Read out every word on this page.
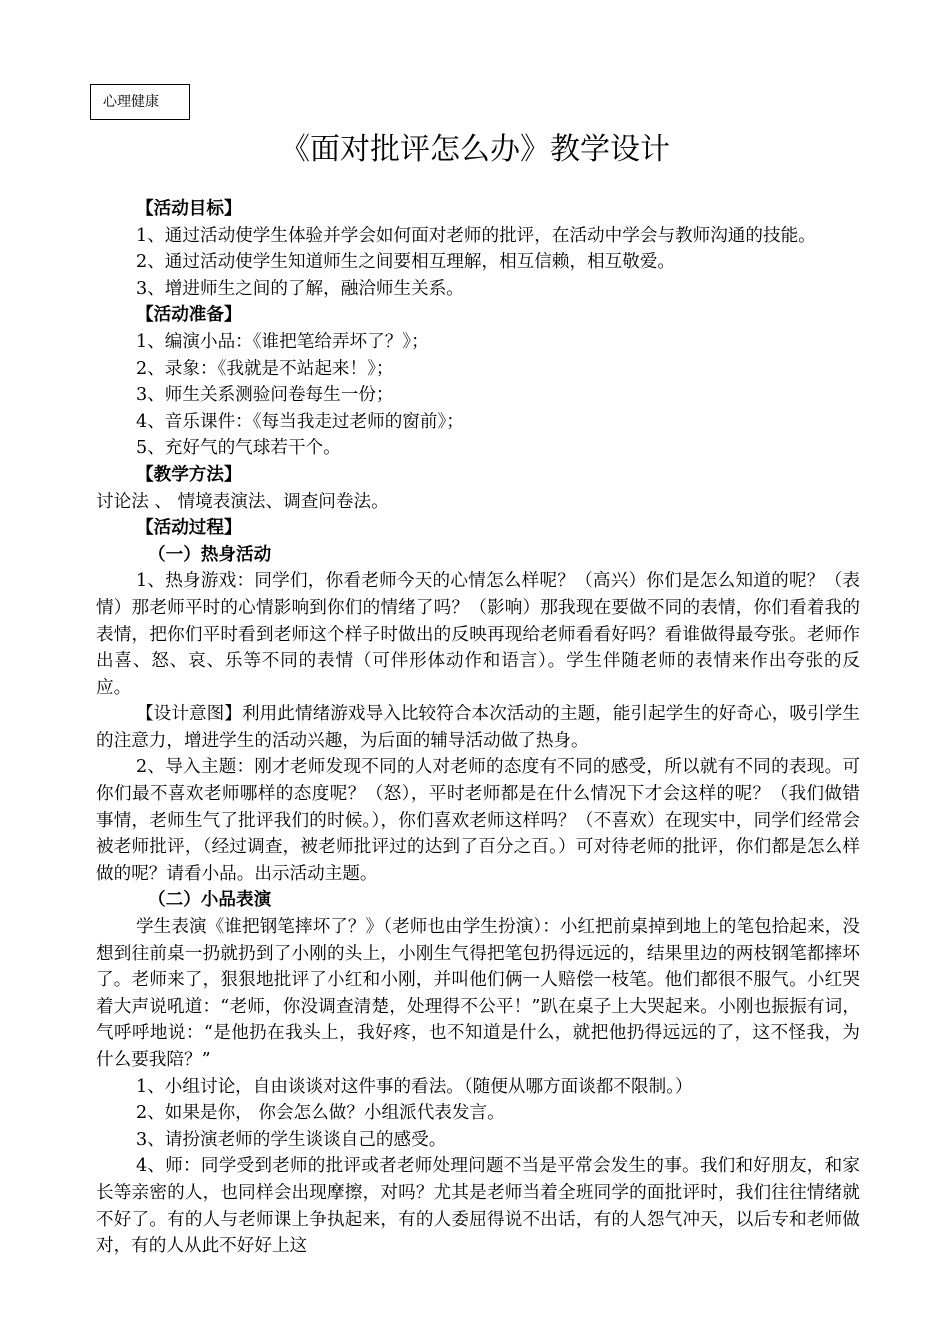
心理健康
《面对批评怎么办》教学设计

【活动目标】

1、通过活动使学生体验并学会如何面对老师的批评，在活动中学会与教师沟通的技能。

2、通过活动使学生知道师生之间要相互理解，相互信赖，相互敬爱。

3、增进师生之间的了解，融洽师生关系。

【活动准备】

1、编演小品：《谁把笔给弄坏了？》；

2、录象：《我就是不站起来！》；

3、师生关系测验问卷每生一份；

4、音乐课件：《每当我走过老师的窗前》；

5、充好气的气球若干个。

【教学方法】

讨论法 、 情境表演法、调查问卷法。

【活动过程】

（一）热身活动

1、热身游戏：同学们，你看老师今天的心情怎么样呢？（高兴）你们是怎么知道的呢？（表情）那老师平时的心情影响到你们的情绪了吗？（影响）那我现在要做不同的表情，你们看着我的表情，把你们平时看到老师这个样子时做出的反映再现给老师看看好吗？看谁做得最夸张。老师作出喜、怒、哀、乐等不同的表情（可伴形体动作和语言）。学生伴随老师的表情来作出夸张的反应。

【设计意图】利用此情绪游戏导入比较符合本次活动的主题，能引起学生的好奇心，吸引学生的注意力，增进学生的活动兴趣，为后面的辅导活动做了热身。

2、导入主题：刚才老师发现不同的人对老师的态度有不同的感受，所以就有不同的表现。可你们最不喜欢老师哪样的态度呢？（怒），平时老师都是在什么情况下才会这样的呢？（我们做错事情，老师生气了批评我们的时候。），你们喜欢老师这样吗？（不喜欢）在现实中，同学们经常会被老师批评，（经过调查，被老师批评过的达到了百分之百。）可对待老师的批评，你们都是怎么样做的呢？请看小品。出示活动主题。

（二）小品表演

学生表演《谁把钢笔摔坏了？》（老师也由学生扮演）：小红把前桌掉到地上的笔包拾起来，没想到往前桌一扔就扔到了小刚的头上，小刚生气得把笔包扔得远远的，结果里边的两枝钢笔都摔坏了。老师来了，狠狠地批评了小红和小刚，并叫他们俩一人赔偿一枝笔。他们都很不服气。小红哭着大声说吼道：“老师，你没调查清楚，处理得不公平！”趴在桌子上大哭起来。小刚也振振有词，气呼呼地说：“是他扔在我头上，我好疼，也不知道是什么，就把他扔得远远的了，这不怪我，为什么要我陪？”

1、小组讨论，自由谈谈对这件事的看法。（随便从哪方面谈都不限制。）

2、如果是你， 你会怎么做？小组派代表发言。

3、请扮演老师的学生谈谈自己的感受。

4、师：同学受到老师的批评或者老师处理问题不当是平常会发生的事。我们和好朋友，和家长等亲密的人，也同样会出现摩擦，对吗？尤其是老师当着全班同学的面批评时，我们往往情绪就不好了。有的人与老师课上争执起来，有的人委屈得说不出话，有的人怨气冲天，以后专和老师做对，有的人从此不好好上这
